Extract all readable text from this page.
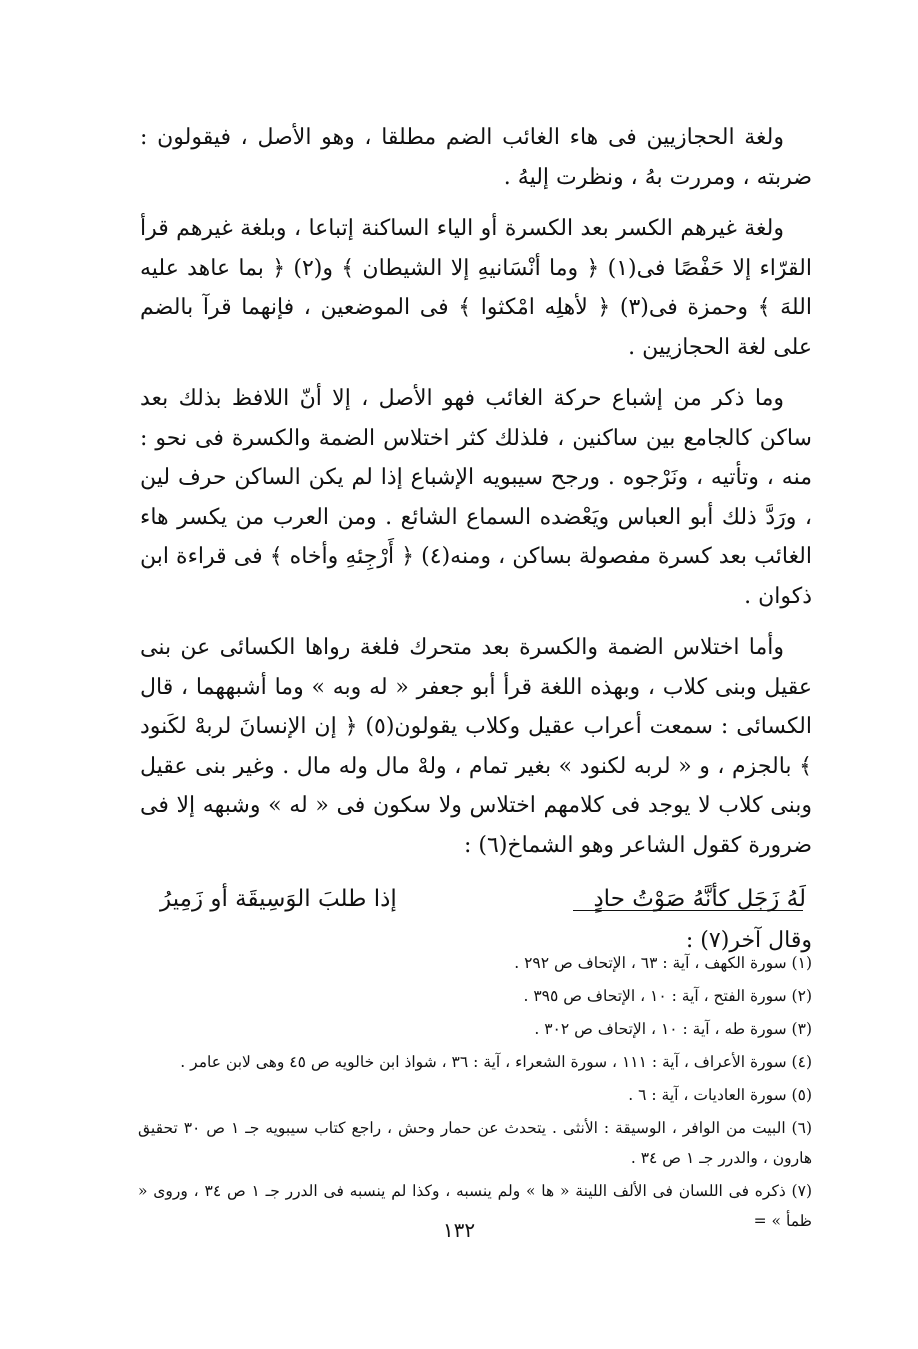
ولغة الحجازيين فى هاء الغائب الضم مطلقا ، وهو الأصل ، فيقولون : ضربته ، ومررت بهُ ، ونظرت إليهُ .

ولغة غيرهم الكسر بعد الكسرة أو الياء الساكنة إتباعا ، وبلغة غيرهم قرأ القرّاء إلا حَفْصًا فى(١) ﴿ وما أنْسَانيهِ إلا الشيطان ﴾ و(٢) ﴿ بما عاهد عليه اللهَ ﴾ وحمزة فى(٣) ﴿ لأهلِه امْكثوا ﴾ فى الموضعين ، فإنهما قرآ بالضم على لغة الحجازيين .

وما ذكر من إشباع حركة الغائب فهو الأصل ، إلا أنّ اللافظ بذلك بعد ساكن كالجامع بين ساكنين ، فلذلك كثر اختلاس الضمة والكسرة فى نحو : منه ، وتأتيه ، ونَرْجوه . ورجح سيبويه الإشباع إذا لم يكن الساكن حرف لين ، ورَدَّ ذلك أبو العباس ويَعْضده السماع الشائع . ومن العرب من يكسر هاء الغائب بعد كسرة مفصولة بساكن ، ومنه(٤) ﴿ أَرْجِئهِ وأخاه ﴾ فى قراءة ابن ذكوان .

وأما اختلاس الضمة والكسرة بعد متحرك فلغة رواها الكسائى عن بنى عقيل وبنى كلاب ، وبهذه اللغة قرأ أبو جعفر « له وبه » وما أشبههما ، قال الكسائى : سمعت أعراب عقيل وكلاب يقولون(٥) ﴿ إن الإنسانَ لربهْ لكَنود ﴾ بالجزم ، و « لربه لكنود » بغير تمام ، ولهْ مال وله مال . وغير بنى عقيل وبنى كلاب لا يوجد فى كلامهم اختلاس ولا سكون فى « له » وشبهه إلا فى ضرورة كقول الشاعر وهو الشماخ(٦) :

لَهُ زَجَل كأنَّهُ صَوْتُ حادٍ
إذا طلبَ الوَسِيقَة أو زَمِيرُ

وقال آخر(٧) :

(١) سورة الكهف ، آية : ٦٣ ، الإتحاف ص ٢٩٢ .
(٢) سورة الفتح ، آية : ١٠ ، الإتحاف ص ٣٩٥ .
(٣) سورة طه ، آية : ١٠ ، الإتحاف ص ٣٠٢ .
(٤) سورة الأعراف ، آية : ١١١ ، سورة الشعراء ، آية : ٣٦ ، شواذ ابن خالويه ص ٤٥ وهى لابن عامر .
(٥) سورة العاديات ، آية : ٦ .
(٦) البيت من الوافر ، الوسيقة : الأنثى . يتحدث عن حمار وحش ، راجع كتاب سيبويه جـ ١ ص ٣٠ تحقيق هارون ، والدرر جـ ١ ص ٣٤ .
(٧) ذكره فى اللسان فى الألف اللينة « ها » ولم ينسبه ، وكذا لم ينسبه فى الدرر جـ ١ ص ٣٤ ، وروى « ظمأ » =
١٣٢
